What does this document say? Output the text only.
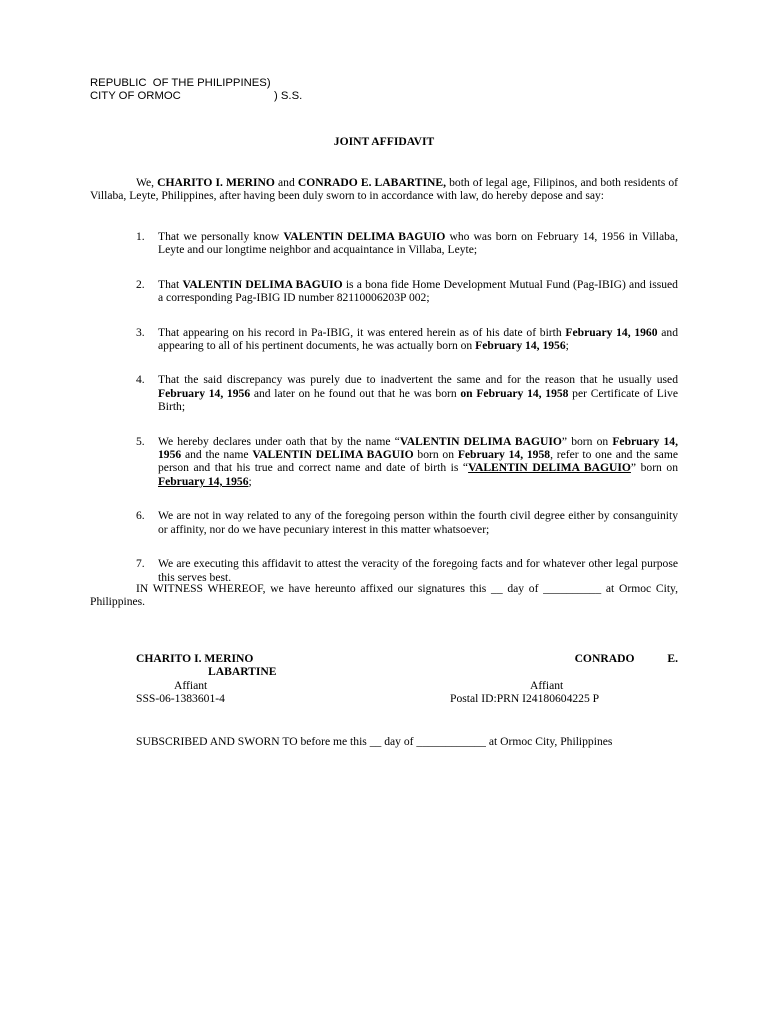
REPUBLIC  OF THE PHILIPPINES)
CITY OF ORMOC	) S.S.
JOINT AFFIDAVIT
We, CHARITO I. MERINO and CONRADO E. LABARTINE, both of legal age, Filipinos, and both residents of Villaba, Leyte, Philippines, after having been duly sworn to in accordance with law, do hereby depose and say:
1. That we personally know VALENTIN DELIMA BAGUIO who was born on February 14, 1956 in Villaba, Leyte and our longtime neighbor and acquaintance in Villaba, Leyte;
2. That VALENTIN DELIMA BAGUIO is a bona fide Home Development Mutual Fund (Pag-IBIG) and issued a corresponding Pag-IBIG ID number 82110006203P 002;
3. That appearing on his record in Pa-IBIG, it was entered herein as of his date of birth February 14, 1960 and appearing to all of his pertinent documents, he was actually born on February 14, 1956;
4. That the said discrepancy was purely due to inadvertent the same and for the reason that he usually used February 14, 1956 and later on he found out that he was born on February 14, 1958 per Certificate of Live Birth;
5. We hereby declares under oath that by the name “VALENTIN DELIMA BAGUIO” born on February 14, 1956 and the name VALENTIN DELIMA BAGUIO born on February 14, 1958, refer to one and the same person and that his true and correct name and date of birth is “VALENTIN DELIMA BAGUIO” born on February 14, 1956;
6. We are not in way related to any of the foregoing person within the fourth civil degree either by consanguinity or affinity, nor do we have pecuniary interest in this matter whatsoever;
7. We are executing this affidavit to attest the veracity of the foregoing facts and for whatever other legal purpose this serves best.
IN WITNESS WHEREOF, we have hereunto affixed our signatures this __ day of __________ at Ormoc City, Philippines.
CHARITO I. MERINO
LABARTINE
Affiant
SSS-06-1383601-4
CONRADO E.
Affiant
Postal ID:PRN I24180604225 P
SUBSCRIBED AND SWORN TO before me this __ day of ____________ at Ormoc City, Philippines
